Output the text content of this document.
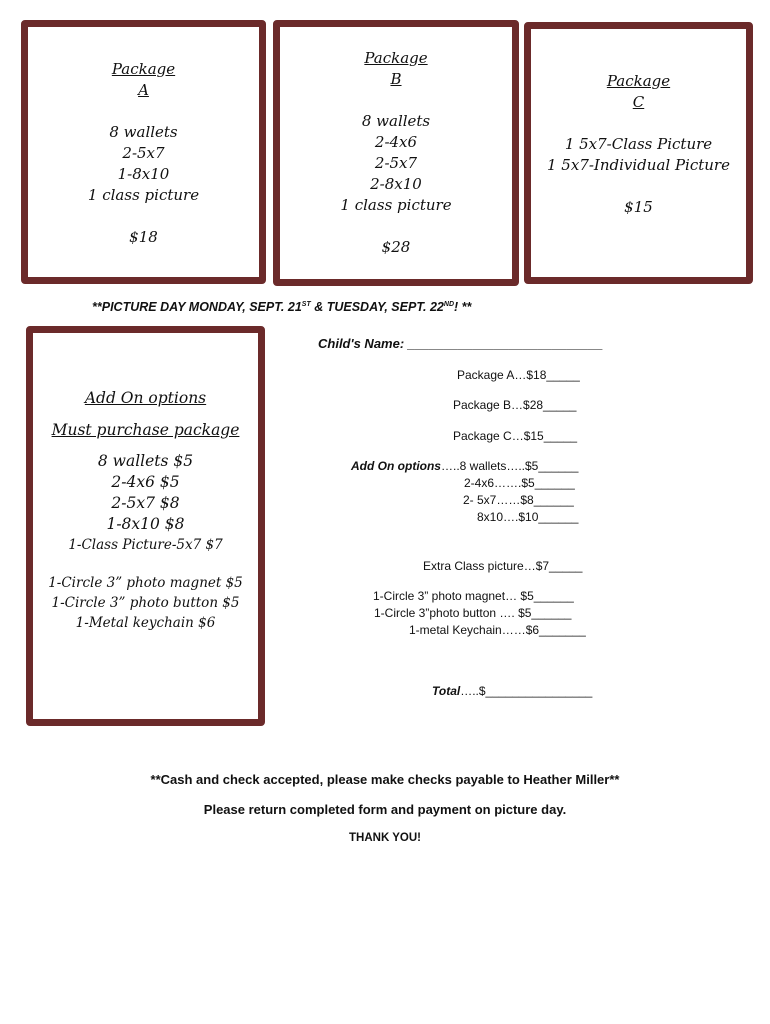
Package
A
8 wallets
2-5x7
1-8x10
1 class picture
$18
Package
B
8 wallets
2-4x6
2-5x7
2-8x10
1 class picture
$28
Package
C
1 5x7-Class Picture
1 5x7-Individual Picture
$15
**PICTURE DAY MONDAY, SEPT. 21ST & TUESDAY, SEPT. 22ND! **
Add On options
Must purchase package
8 wallets $5
2-4x6 $5
2-5x7 $8
1-8x10 $8
1-Class Picture-5x7 $7
1-Circle 3” photo magnet $5
1-Circle 3” photo button $5
1-Metal keychain $6
Child's Name: ___________________________
Package A…$18_____
Package B…$28_____
Package C…$15_____
Add On options…..8 wallets…..$5______
2-4x6…….$5______
2- 5x7……$8______
8x10….$10______
Extra Class picture…$7_____
1-Circle 3” photo magnet… $5______
1-Circle 3”photo button …. $5______
1-metal Keychain……$6_______
Total…..$________________
**Cash and check accepted, please make checks payable to Heather Miller**
Please return completed form and payment on picture day.
THANK YOU!
